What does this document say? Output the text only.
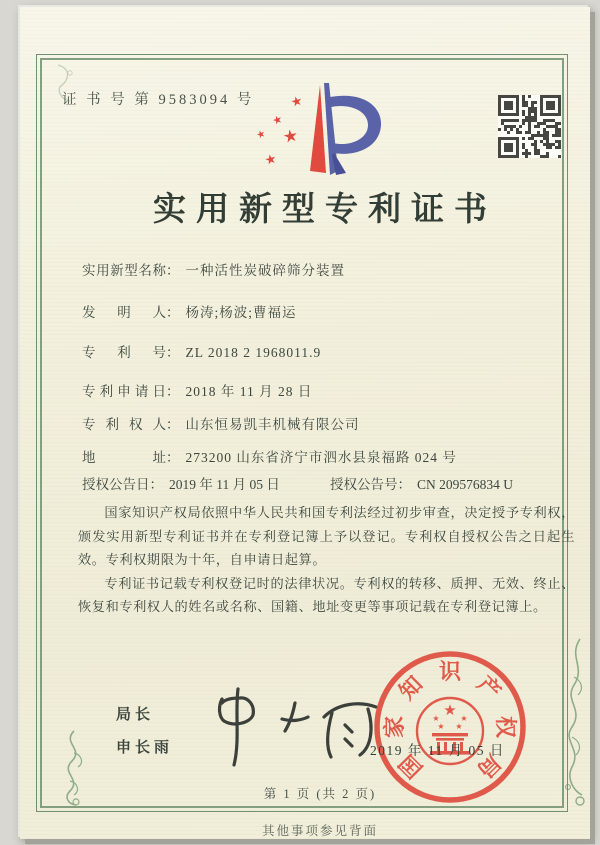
证 书 号 第 9583094 号	★
★
★
★
★
实用新型专利证书
实用新型名称： 一种活性炭破碎筛分装置
发明人： 杨涛;杨波;曹福运
专利号： ZL 2018 2 1968011.9
专利申请日： 2018 年 11 月 28 日
专利权人： 山东恒易凯丰机械有限公司
地址： 273200 山东省济宁市泗水县泉福路 024 号
授权公告日： 2019 年 11 月 05 日	授权公告号： CN 209576834 U

国家知识产权局依照中华人民共和国专利法经过初步审查，决定授予专利权，颁发实用新型专利证书并在专利登记簿上予以登记。专利权自授权公告之日起生效。专利权期限为十年，自申请日起算。

专利证书记载专利权登记时的法律状况。专利权的转移、质押、无效、终止、恢复和专利权人的姓名或名称、国籍、地址变更等事项记载在专利登记簿上。

局长
申长雨
国
家
知 识 产
权
局
★
★	★
★ ★
2019 年 11 月 05 日
第 1 页 (共 2 页)
其他事项参见背面
